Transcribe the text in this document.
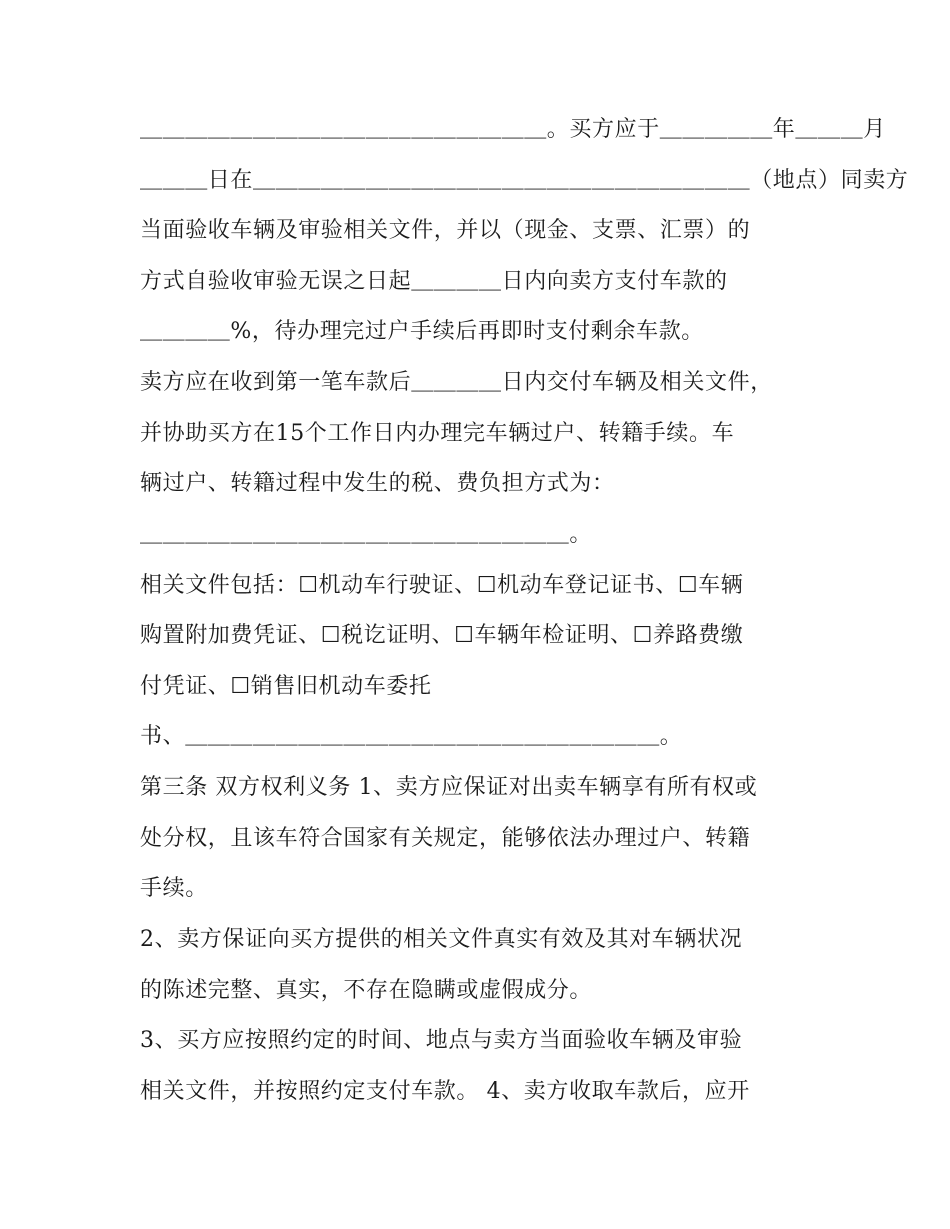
＿＿＿＿＿＿＿＿＿＿＿＿＿＿＿＿＿＿。买方应于＿＿＿＿＿年＿＿＿月
＿＿＿日在＿＿＿＿＿＿＿＿＿＿＿＿＿＿＿＿＿＿＿＿＿＿（地点）同卖方
当面验收车辆及审验相关文件，并以（现金、支票、汇票）的
方式自验收审验无误之日起＿＿＿＿日内向卖方支付车款的
＿＿＿＿%，待办理完过户手续后再即时支付剩余车款。
卖方应在收到第一笔车款后＿＿＿＿日内交付车辆及相关文件，
并协助买方在15个工作日内办理完车辆过户、转籍手续。车
辆过户、转籍过程中发生的税、费负担方式为：
＿＿＿＿＿＿＿＿＿＿＿＿＿＿＿＿＿＿＿。
相关文件包括：☐机动车行驶证、☐机动车登记证书、☐车辆
购置附加费凭证、☐税讫证明、☐车辆年检证明、☐养路费缴
付凭证、☐销售旧机动车委托
书、＿＿＿＿＿＿＿＿＿＿＿＿＿＿＿＿＿＿＿＿＿。
第三条 双方权利义务 1、卖方应保证对出卖车辆享有所有权或
处分权，且该车符合国家有关规定，能够依法办理过户、转籍
手续。
2、卖方保证向买方提供的相关文件真实有效及其对车辆状况
的陈述完整、真实，不存在隐瞒或虚假成分。
3、买方应按照约定的时间、地点与卖方当面验收车辆及审验
相关文件，并按照约定支付车款。 4、卖方收取车款后，应开
